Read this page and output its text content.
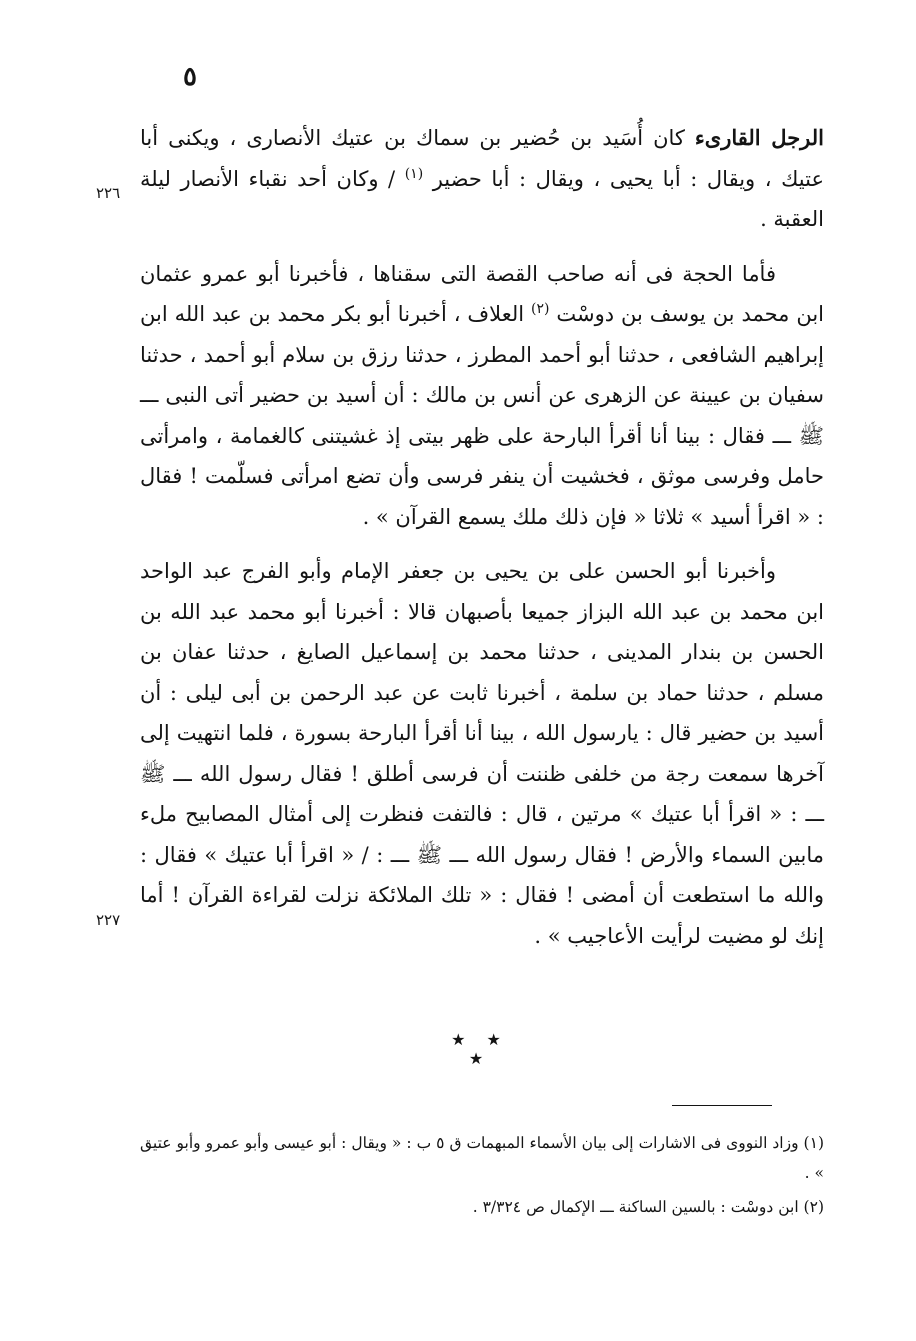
٥
٢٢٦
٢٢٧

الرجل القارىء كان أُسَيد بن حُضير بن سماك بن عتيك الأنصارى ، ويكنى أبا عتيك ، ويقال : أبا يحيى ، ويقال : أبا حضير $^{(١)}$ / وكان أحد نقباء الأنصار ليلة العقبة .

فأما الحجة فى أنه صاحب القصة التى سقناها ، فأخبرنا أبو عمرو عثمان ابن محمد بن يوسف بن دوسْت $^{(٢)}$ العلاف ، أخبرنا أبو بكر محمد بن عبد الله ابن إبراهيم الشافعى ، حدثنا أبو أحمد المطرز ، حدثنا رزق بن سلام أبو أحمد ، حدثنا سفيان بن عيينة عن الزهرى عن أنس بن مالك : أن أسيد بن حضير أتى النبى ـــ ﷺ ـــ فقال : بينا أنا أقرأ البارحة على ظهر بيتى إذ غشيتنى كالغمامة ، وامرأتى حامل وفرسى موثق ، فخشيت أن ينفر فرسى وأن تضع امرأتى فسلّمت ! فقال : « اقرأ أسيد » ثلاثا « فإن ذلك ملك يسمع القرآن » .

وأخبرنا أبو الحسن على بن يحيى بن جعفر الإمام وأبو الفرج عبد الواحد ابن محمد بن عبد الله البزاز جميعا بأصبهان قالا : أخبرنا أبو محمد عبد الله بن الحسن بن بندار المدينى ، حدثنا محمد بن إسماعيل الصايغ ، حدثنا عفان بن مسلم ، حدثنا حماد بن سلمة ، أخبرنا ثابت عن عبد الرحمن بن أبى ليلى : أن أسيد بن حضير قال : يارسول الله ، بينا أنا أقرأ البارحة بسورة ، فلما انتهيت إلى آخرها سمعت رجة من خلفى ظننت أن فرسى أطلق ! فقال رسول الله ـــ ﷺ ـــ : « اقرأ أبا عتيك » مرتين ، قال : فالتفت فنظرت إلى أمثال المصابيح ملء مابين السماء والأرض ! فقال رسول الله ـــ ﷺ ـــ : / « اقرأ أبا عتيك » فقال : والله ما استطعت أن أمضى ! فقال : « تلك الملائكة نزلت لقراءة القرآن ! أما إنك لو مضيت لرأيت الأعاجيب » .

★ ★ ★

(١) وزاد النووى فى الاشارات إلى بيان الأسماء المبهمات ق ٥ ب : « ويقال : أبو عيسى وأبو عمرو وأبو عتيق » .

(٢) ابن دوسْت : بالسين الساكنة ـــ الإكمال ص ٣/٣٢٤ .
